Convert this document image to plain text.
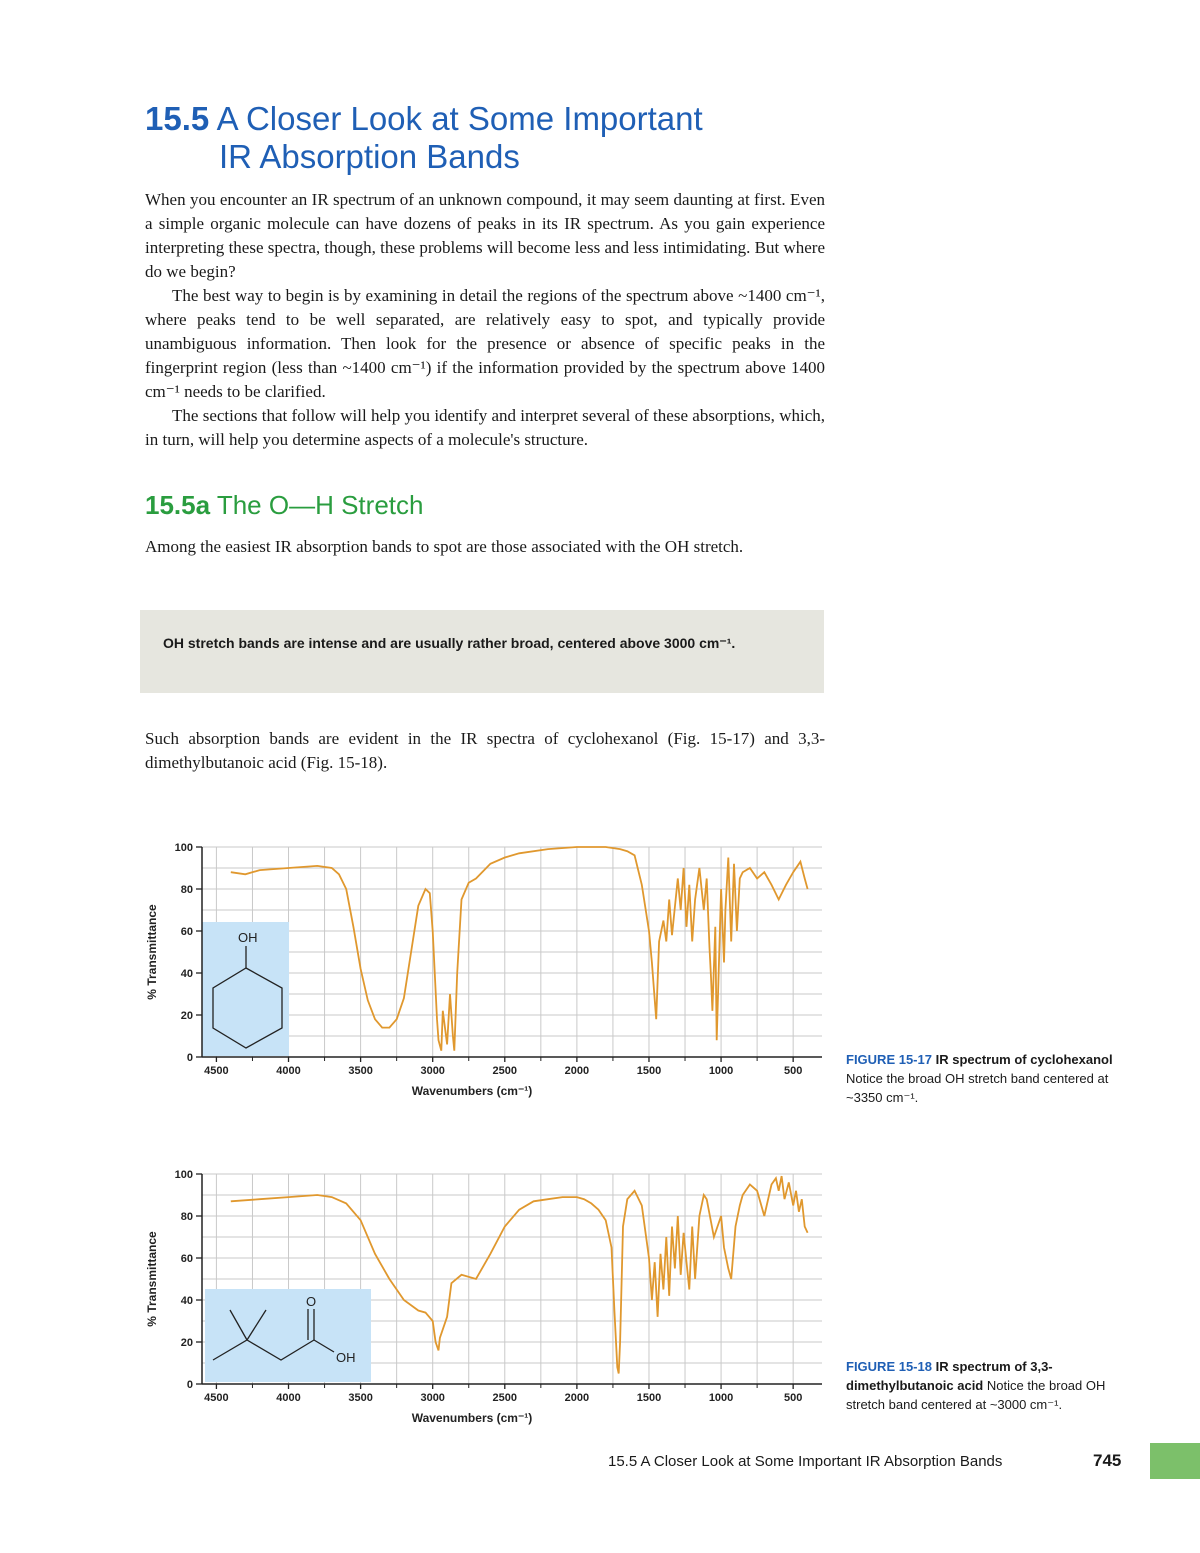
15.5 A Closer Look at Some Important
IR Absorption Bands

When you encounter an IR spectrum of an unknown compound, it may seem daunting at first. Even a simple organic molecule can have dozens of peaks in its IR spectrum. As you gain experience interpreting these spectra, though, these problems will become less and less intimidating. But where do we begin?

The best way to begin is by examining in detail the regions of the spectrum above ~1400 cm⁻¹, where peaks tend to be well separated, are relatively easy to spot, and typically provide unambiguous information. Then look for the presence or absence of specific peaks in the fingerprint region (less than ~1400 cm⁻¹) if the information provided by the spectrum above 1400 cm⁻¹ needs to be clarified.

The sections that follow will help you identify and interpret several of these absorptions, which, in turn, will help you determine aspects of a molecule's structure.

15.5a The O—H Stretch

Among the easiest IR absorption bands to spot are those associated with the OH stretch.

OH stretch bands are intense and are usually rather broad, centered above 3000 cm⁻¹.

Such absorption bands are evident in the IR spectra of cyclohexanol (Fig. 15-17) and 3,3-dimethylbutanoic acid (Fig. 15-18).

OH
0
20
40
60
80
100
4500	4000	3500	3000	2500	2000	1500	1000	500
% Transmittance
Wavenumbers (cm⁻¹)
FIGURE 15-17 IR spectrum of cyclohexanol Notice the broad OH stretch band centered at ~3350 cm⁻¹.
O
OH
0
20
40
60
80
100
4500	4000	3500	3000	2500	2000	1500	1000	500
% Transmittance
Wavenumbers (cm⁻¹)
FIGURE 15-18 IR spectrum of 3,3-dimethylbutanoic acid Notice the broad OH stretch band centered at ~3000 cm⁻¹.
15.5 A Closer Look at Some Important IR Absorption Bands	745
